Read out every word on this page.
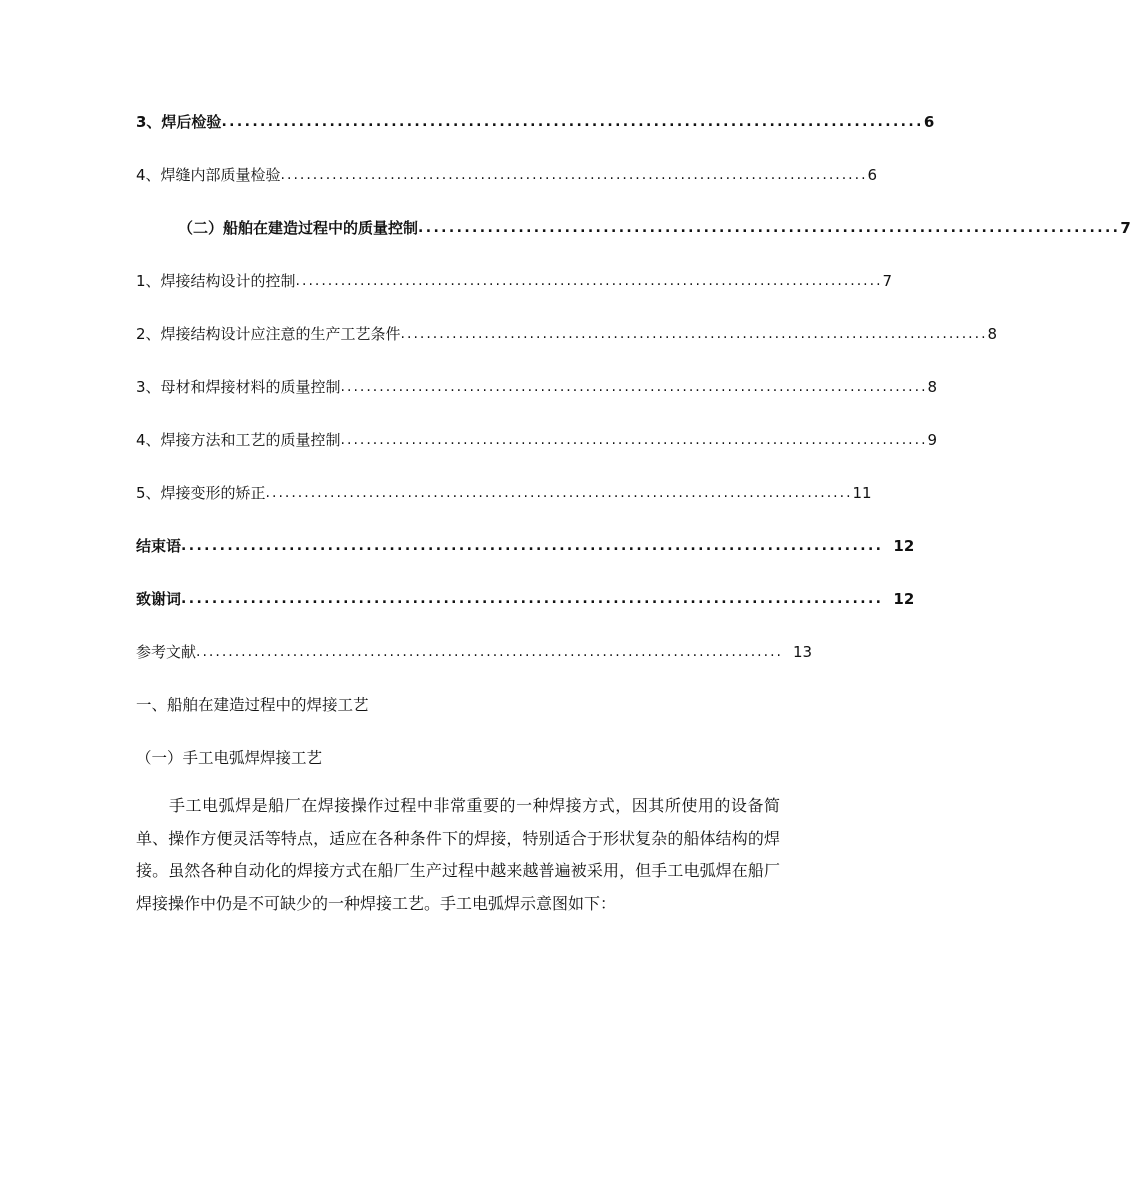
3、焊后检验 ........................................................................................... 6
4、焊缝内部质量检验 ........................................................................................... 6
（二）船舶在建造过程中的质量控制 ........................................................................................... 7
1、焊接结构设计的控制 ........................................................................................... 7
2、焊接结构设计应注意的生产工艺条件 ........................................................................................... 8
3、母材和焊接材料的质量控制 ........................................................................................... 8
4、焊接方法和工艺的质量控制 ........................................................................................... 9
5、焊接变形的矫正 ........................................................................................... 11
结束语 ........................................................................................... 12
致谢词 ........................................................................................... 12
参考文献 ........................................................................................... 13
一、船舶在建造过程中的焊接工艺
（一）手工电弧焊焊接工艺

手工电弧焊是船厂在焊接操作过程中非常重要的一种焊接方式，因其所使用的设备简单、操作方便灵活等特点，适应在各种条件下的焊接，特别适合于形状复杂的船体结构的焊接。虽然各种自动化的焊接方式在船厂生产过程中越来越普遍被采用，但手工电弧焊在船厂焊接操作中仍是不可缺少的一种焊接工艺。手工电弧焊示意图如下：
